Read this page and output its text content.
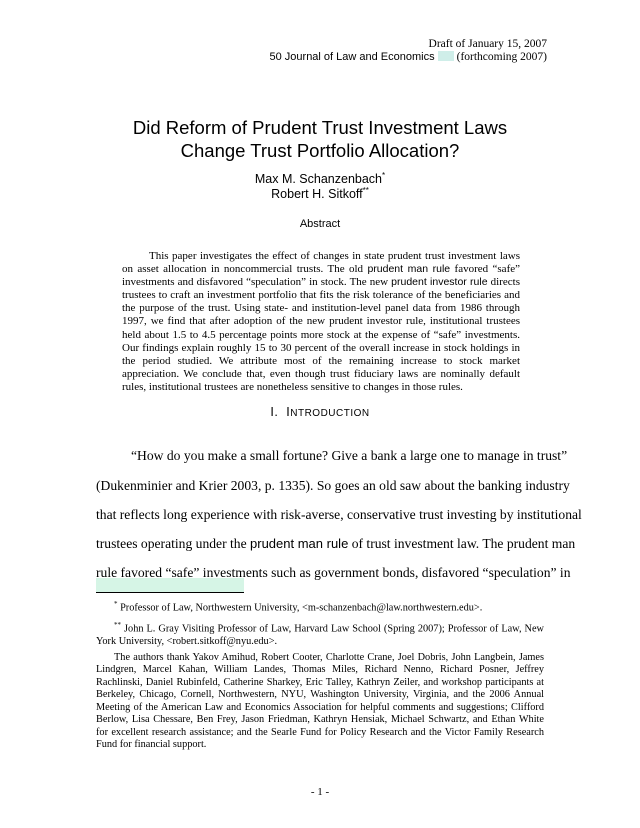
Draft of January 15, 2007
50 Journal of Law and Economics (forthcoming 2007)
Did Reform of Prudent Trust Investment Laws
Change Trust Portfolio Allocation?
Max M. Schanzenbach*
Robert H. Sitkoff**
Abstract

This paper investigates the effect of changes in state prudent trust investment laws on asset allocation in noncommercial trusts. The old prudent man rule favored “safe” investments and disfavored “speculation” in stock. The new prudent investor rule directs trustees to craft an investment portfolio that fits the risk tolerance of the beneficiaries and the purpose of the trust. Using state- and institution-level panel data from 1986 through 1997, we find that after adoption of the new prudent investor rule, institutional trustees held about 1.5 to 4.5 percentage points more stock at the expense of “safe” investments. Our findings explain roughly 15 to 30 percent of the overall increase in stock holdings in the period studied. We attribute most of the remaining increase to stock market appreciation. We conclude that, even though trust fiduciary laws are nominally default rules, institutional trustees are nonetheless sensitive to changes in those rules.

I. INTRODUCTION
“How do you make a small fortune? Give a bank a large one to manage in trust”
(Dukenminier and Krier 2003, p. 1335). So goes an old saw about the banking industry
that reflects long experience with risk-averse, conservative trust investing by institutional
trustees operating under the prudent man rule of trust investment law. The prudent man
rule favored “safe” investments such as government bonds, disfavored “speculation” in

* Professor of Law, Northwestern University, <m-schanzenbach@law.northwestern.edu>.

** John L. Gray Visiting Professor of Law, Harvard Law School (Spring 2007); Professor of Law, New York University, <robert.sitkoff@nyu.edu>.

The authors thank Yakov Amihud, Robert Cooter, Charlotte Crane, Joel Dobris, John Langbein, James Lindgren, Marcel Kahan, William Landes, Thomas Miles, Richard Nenno, Richard Posner, Jeffrey Rachlinski, Daniel Rubinfeld, Catherine Sharkey, Eric Talley, Kathryn Zeiler, and workshop participants at Berkeley, Chicago, Cornell, Northwestern, NYU, Washington University, Virginia, and the 2006 Annual Meeting of the American Law and Economics Association for helpful comments and suggestions; Clifford Berlow, Lisa Chessare, Ben Frey, Jason Friedman, Kathryn Hensiak, Michael Schwartz, and Ethan White for excellent research assistance; and the Searle Fund for Policy Research and the Victor Family Research Fund for financial support.

- 1 -
